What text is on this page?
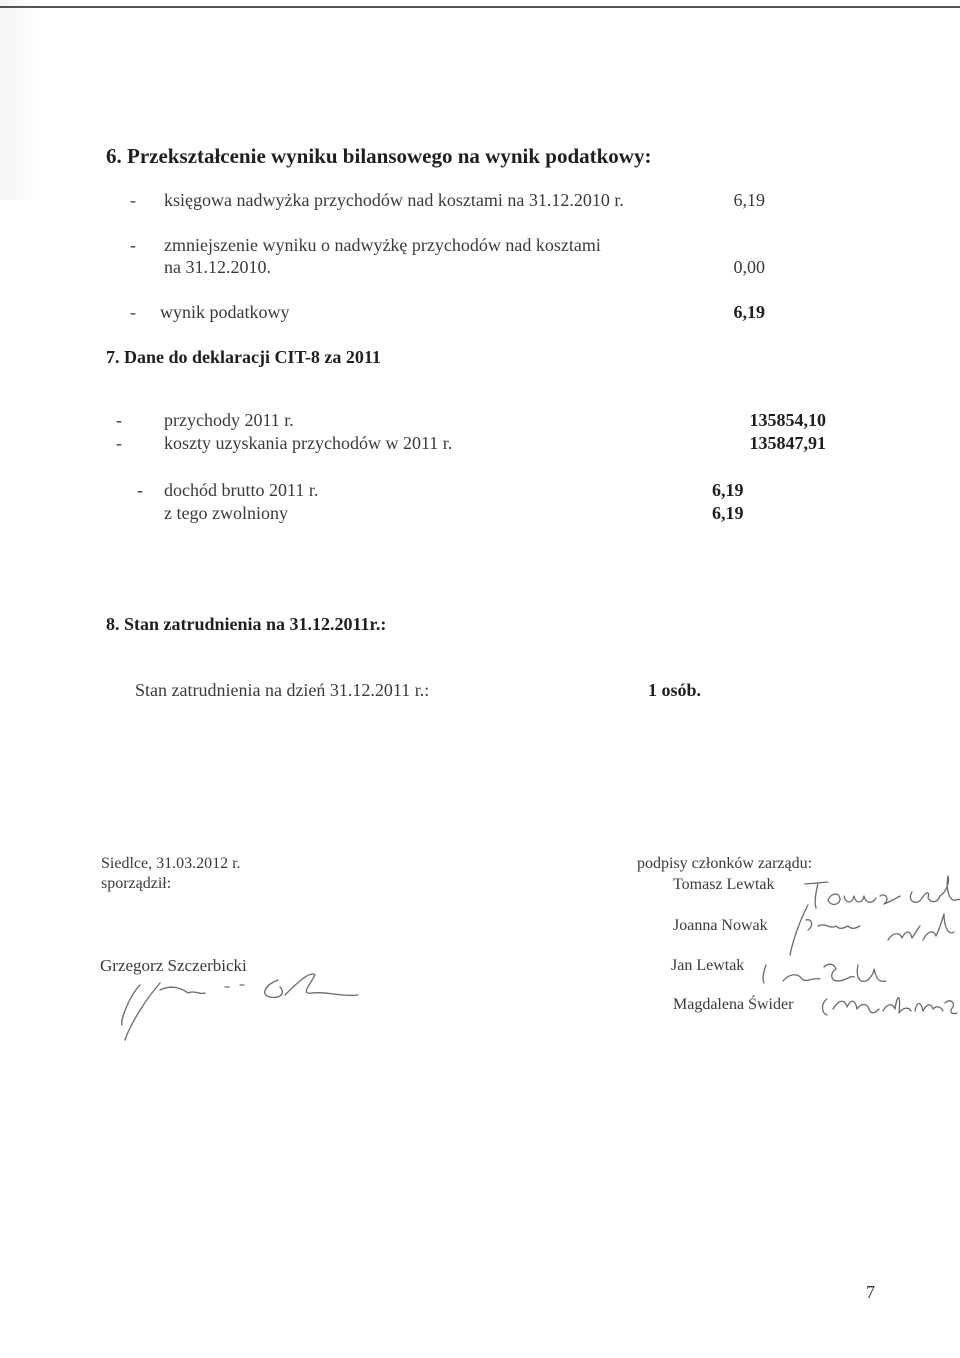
6. Przekształcenie wyniku bilansowego na wynik podatkowy:
- księgowa nadwyżka przychodów nad kosztami na 31.12.2010 r.	6,19
- zmniejszenie wyniku o nadwyżkę przychodów nad kosztami
na 31.12.2010.	0,00
- wynik podatkowy	6,19
7. Dane do deklaracji CIT-8 za 2011
- przychody 2011 r.	135854,10
- koszty uzyskania przychodów w 2011 r.	135847,91
- dochód brutto 2011 r.	6,19
z tego zwolniony	6,19
8. Stan zatrudnienia na 31.12.2011r.:
Stan zatrudnienia na dzień 31.12.2011 r.:	1 osób.
Siedlce, 31.03.2012 r.
sporządził:
Grzegorz Szczerbicki
podpisy członków zarządu:
Tomasz Lewtak
Joanna Nowak
Jan Lewtak
Magdalena Świder
7
